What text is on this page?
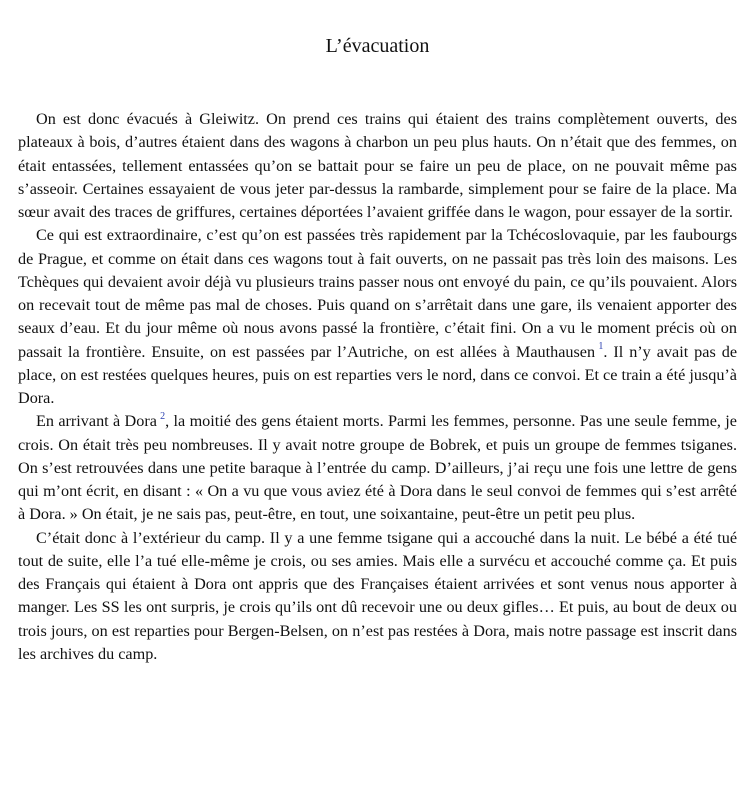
L’évacuation

On est donc évacués à Gleiwitz. On prend ces trains qui étaient des trains complètement ouverts, des plateaux à bois, d’autres étaient dans des wagons à charbon un peu plus hauts. On n’était que des femmes, on était entassées, tellement entassées qu’on se battait pour se faire un peu de place, on ne pouvait même pas s’asseoir. Certaines essayaient de vous jeter par-dessus la rambarde, simplement pour se faire de la place. Ma sœur avait des traces de griffures, certaines déportées l’avaient griffée dans le wagon, pour essayer de la sortir.

Ce qui est extraordinaire, c’est qu’on est passées très rapidement par la Tchécoslovaquie, par les faubourgs de Prague, et comme on était dans ces wagons tout à fait ouverts, on ne passait pas très loin des maisons. Les Tchèques qui devaient avoir déjà vu plusieurs trains passer nous ont envoyé du pain, ce qu’ils pouvaient. Alors on recevait tout de même pas mal de choses. Puis quand on s’arrêtait dans une gare, ils venaient apporter des seaux d’eau. Et du jour même où nous avons passé la frontière, c’était fini. On a vu le moment précis où on passait la frontière. Ensuite, on est passées par l’Autriche, on est allées à Mauthausen  $^1$. Il n’y avait pas de place, on est restées quelques heures, puis on est reparties vers le nord, dans ce convoi. Et ce train a été jusqu’à Dora.

En arrivant à Dora  $^2$, la moitié des gens étaient morts. Parmi les femmes, personne. Pas une seule femme, je crois. On était très peu nombreuses. Il y avait notre groupe de Bobrek, et puis un groupe de femmes tsiganes. On s’est retrouvées dans une petite baraque à l’entrée du camp. D’ailleurs, j’ai reçu une fois une lettre de gens qui m’ont écrit, en disant : « On a vu que vous aviez été à Dora dans le seul convoi de femmes qui s’est arrêté à Dora. » On était, je ne sais pas, peut-être, en tout, une soixantaine, peut-être un petit peu plus.

C’était donc à l’extérieur du camp. Il y a une femme tsigane qui a accouché dans la nuit. Le bébé a été tué tout de suite, elle l’a tué elle-même je crois, ou ses amies. Mais elle a survécu et accouché comme ça. Et puis des Français qui étaient à Dora ont appris que des Françaises étaient arrivées et sont venus nous apporter à manger. Les SS les ont surpris, je crois qu’ils ont dû recevoir une ou deux gifles… Et puis, au bout de deux ou trois jours, on est reparties pour Bergen-Belsen, on n’est pas restées à Dora, mais notre passage est inscrit dans les archives du camp.
